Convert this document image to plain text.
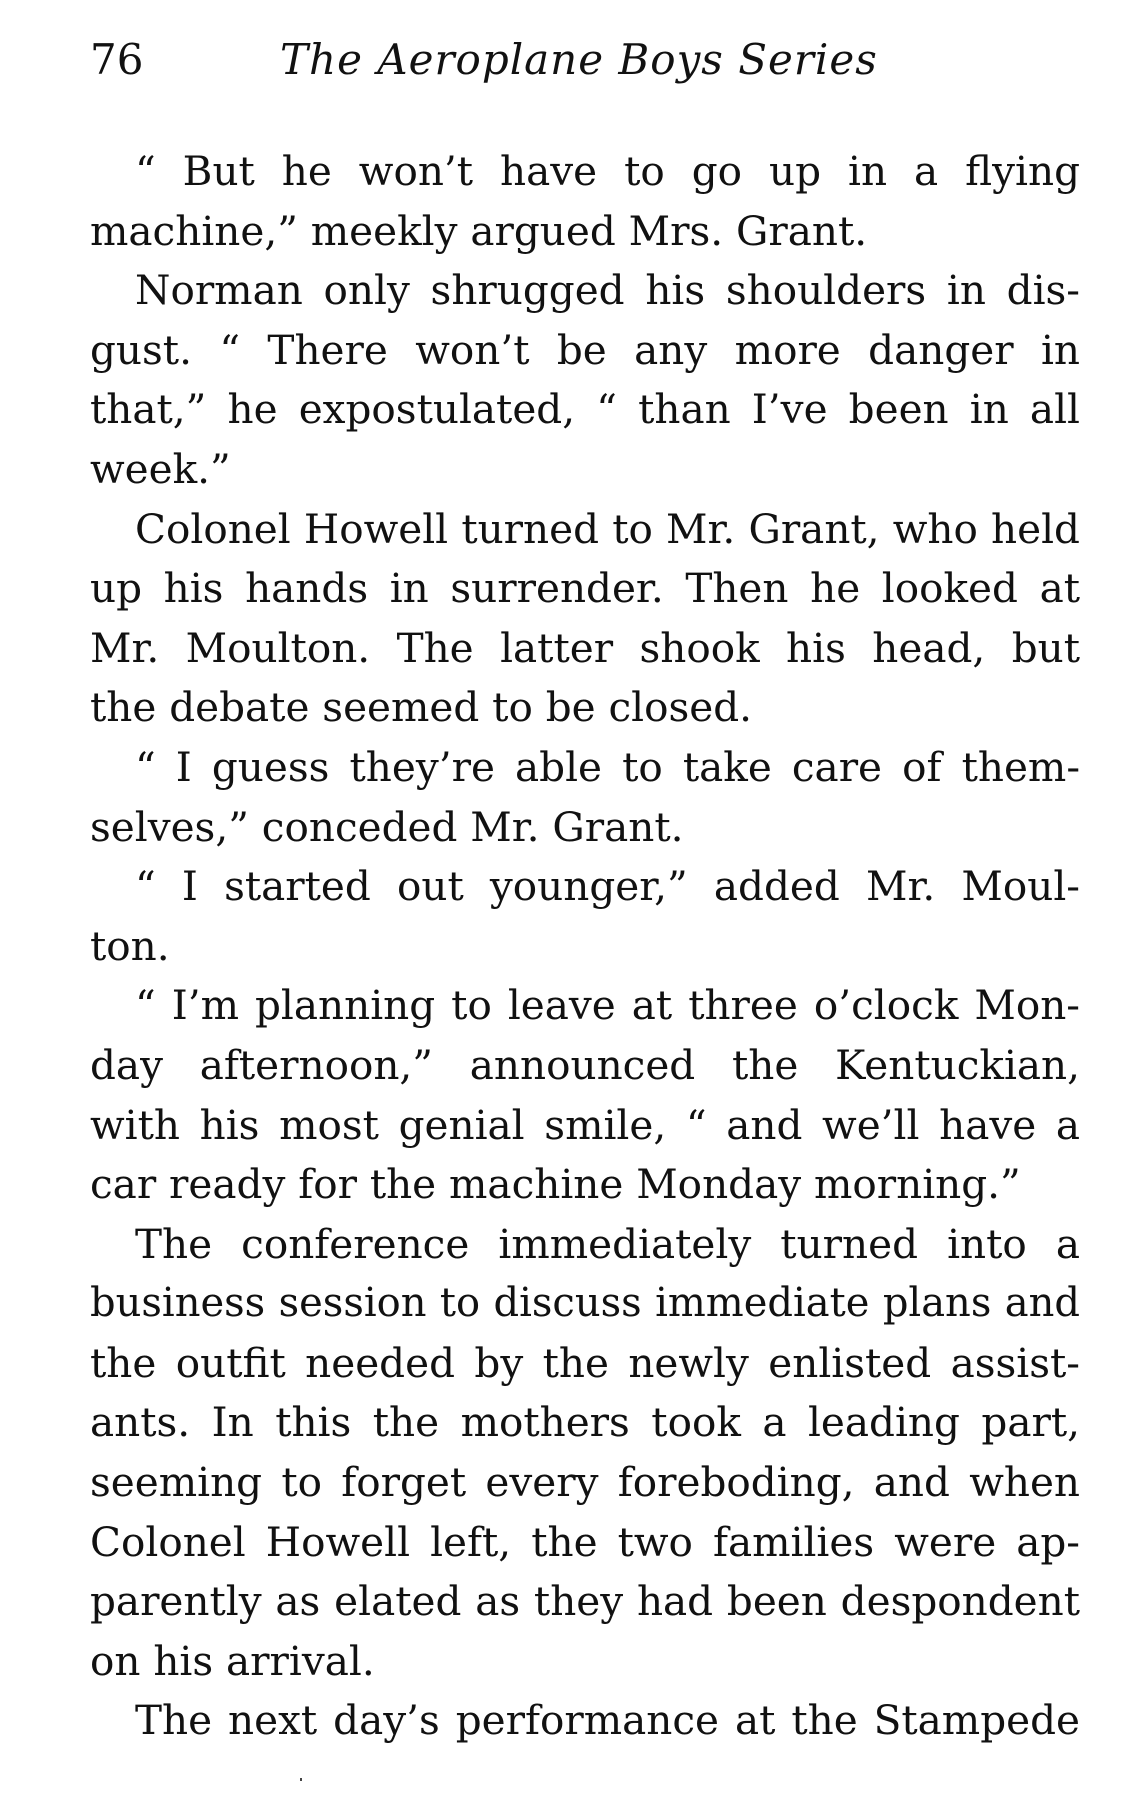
76	The Aeroplane Boys Series
“ But he won’t have to go up in a flying
machine,” meekly argued Mrs. Grant.
Norman only shrugged his shoulders in dis-
gust. “ There won’t be any more danger in
that,” he expostulated, “ than I’ve been in all
week.”
Colonel Howell turned to Mr. Grant, who held
up his hands in surrender. Then he looked at
Mr. Moulton. The latter shook his head, but
the debate seemed to be closed.
“ I guess they’re able to take care of them-
selves,” conceded Mr. Grant.
“ I started out younger,” added Mr. Moul-
ton.
“ I’m planning to leave at three o’clock Mon-
day afternoon,” announced the Kentuckian,
with his most genial smile, “ and we’ll have a
car ready for the machine Monday morning.”
The conference immediately turned into a
business session to discuss immediate plans and
the outfit needed by the newly enlisted assist-
ants. In this the mothers took a leading part,
seeming to forget every foreboding, and when
Colonel Howell left, the two families were ap-
parently as elated as they had been despondent
on his arrival.
The next day’s performance at the Stampede
